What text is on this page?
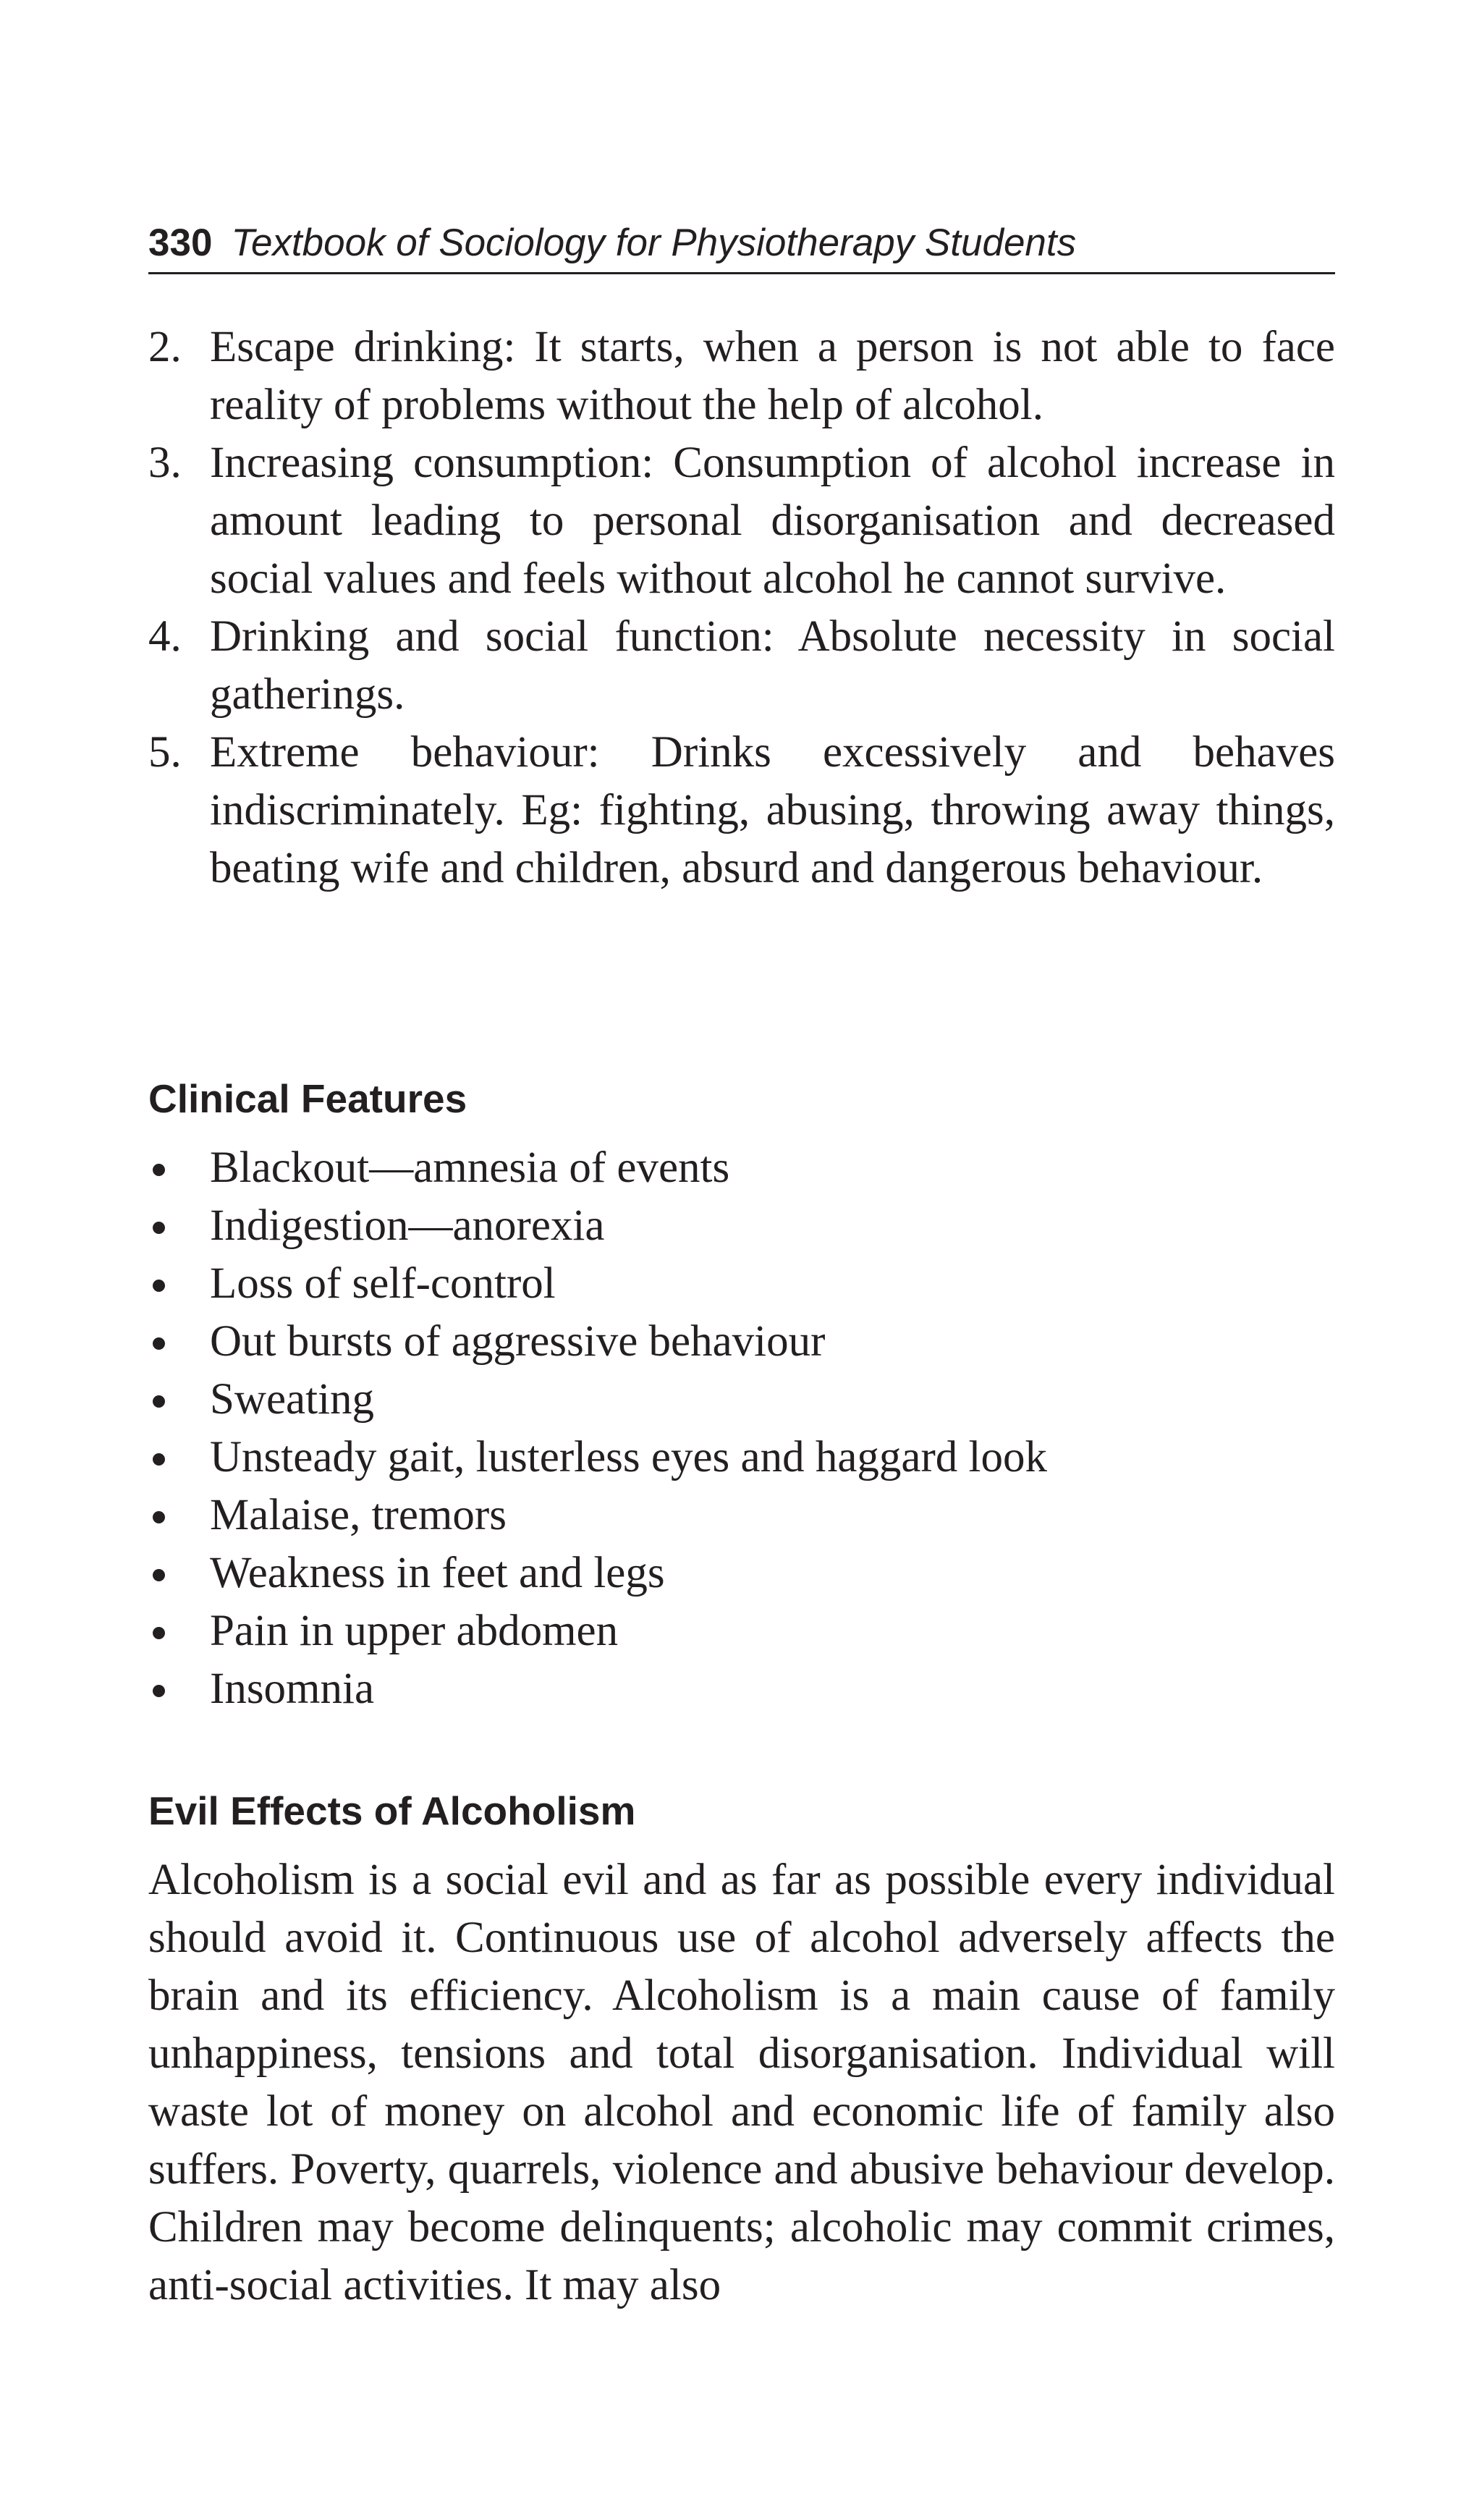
330 Textbook of Sociology for Physiotherapy Students
2. Escape drinking: It starts, when a person is not able to face reality of problems without the help of alcohol.
3. Increasing consumption: Consumption of alcohol increase in amount leading to personal disorganisation and decreased social values and feels without alcohol he cannot survive.
4. Drinking and social function: Absolute necessity in social gatherings.
5. Extreme behaviour: Drinks excessively and behaves indiscriminately. Eg: fighting, abusing, throwing away things, beating wife and children, absurd and dangerous behaviour.
Clinical Features
Blackout—amnesia of events
Indigestion—anorexia
Loss of self-control
Out bursts of aggressive behaviour
Sweating
Unsteady gait, lusterless eyes and haggard look
Malaise, tremors
Weakness in feet and legs
Pain in upper abdomen
Insomnia
Evil Effects of Alcoholism

Alcoholism is a social evil and as far as possible every individual should avoid it. Continuous use of alcohol adversely affects the brain and its efficiency. Alcoholism is a main cause of family unhappiness, tensions and total disorganisation. Individual will waste lot of money on alcohol and economic life of family also suffers. Poverty, quarrels, violence and abusive behaviour develop. Children may become delinquents; alcoholic may commit crimes, anti-social activities. It may also
